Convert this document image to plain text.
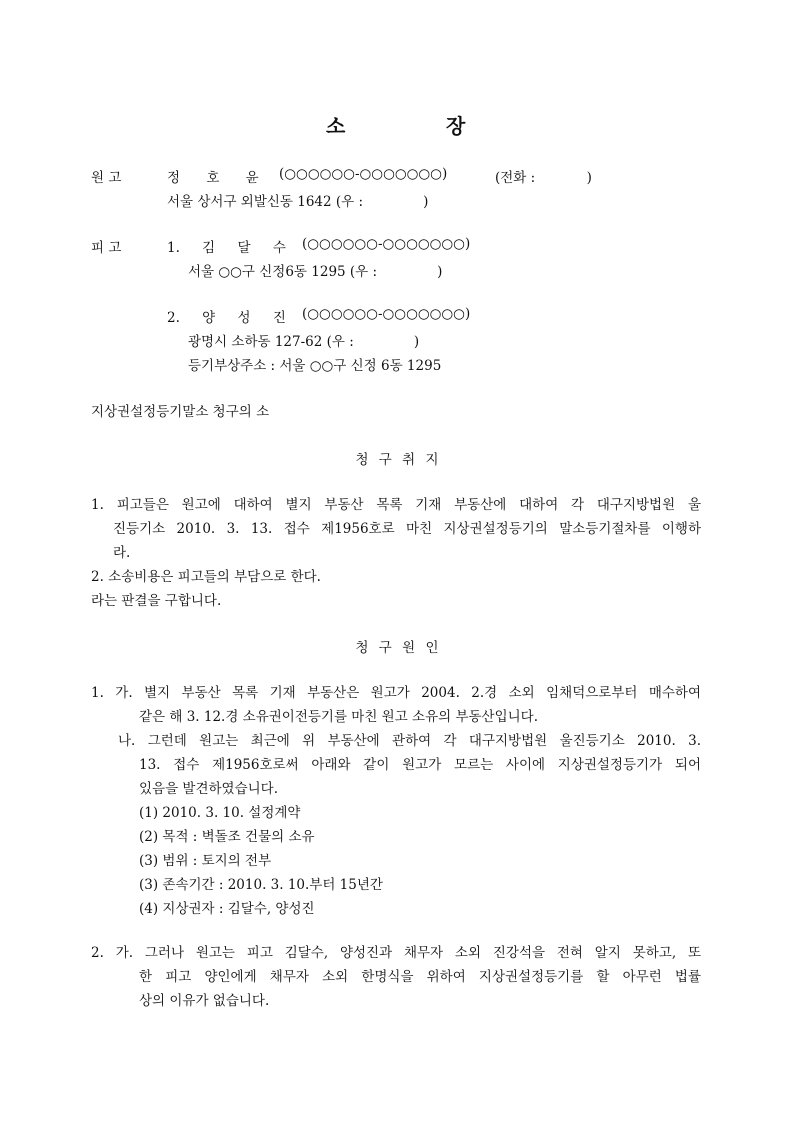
소	장
원 고	정 호 윤 (○○○○○○-○○○○○○○)	(전화 :            )
서울 상서구 외발신동 1642 (우 :              )
피 고	1. 김 달 수 (○○○○○○-○○○○○○○)
서울 ○○구 신정6동 1295 (우 :              )
2. 양 성 진 (○○○○○○-○○○○○○○)
광명시 소하동 127-62 (우 :              )
등기부상주소 : 서울 ○○구 신정 6동 1295
지상권설정등기말소 청구의 소
청 구 취 지
1. 피고들은 원고에 대하여 별지 부동산 목록 기재 부동산에 대하여 각 대구지방법원 울
진등기소 2010. 3. 13. 접수 제1956호로 마친 지상권설정등기의 말소등기절차를 이행하
라.
2. 소송비용은 피고들의 부담으로 한다.
라는 판결을 구합니다.
청 구 원 인
1. 가. 별지 부동산 목록 기재 부동산은 원고가 2004. 2.경 소외 임채덕으로부터 매수하여
같은 해 3. 12.경 소유권이전등기를 마친 원고 소유의 부동산입니다.
나. 그런데 원고는 최근에 위 부동산에 관하여 각 대구지방법원 울진등기소 2010. 3.
13. 접수 제1956호로써 아래와 같이 원고가 모르는 사이에 지상권설정등기가 되어
있음을 발견하였습니다.
(1) 2010. 3. 10. 설정계약
(2) 목적 : 벽돌조 건물의 소유
(3) 범위 : 토지의 전부
(3) 존속기간 : 2010. 3. 10.부터 15년간
(4) 지상권자 : 김달수, 양성진
2. 가. 그러나 원고는 피고 김달수, 양성진과 채무자 소외 진강석을 전혀 알지 못하고, 또
한 피고 양인에게 채무자 소외 한명식을 위하여 지상권설정등기를 할 아무런 법률
상의 이유가 없습니다.
